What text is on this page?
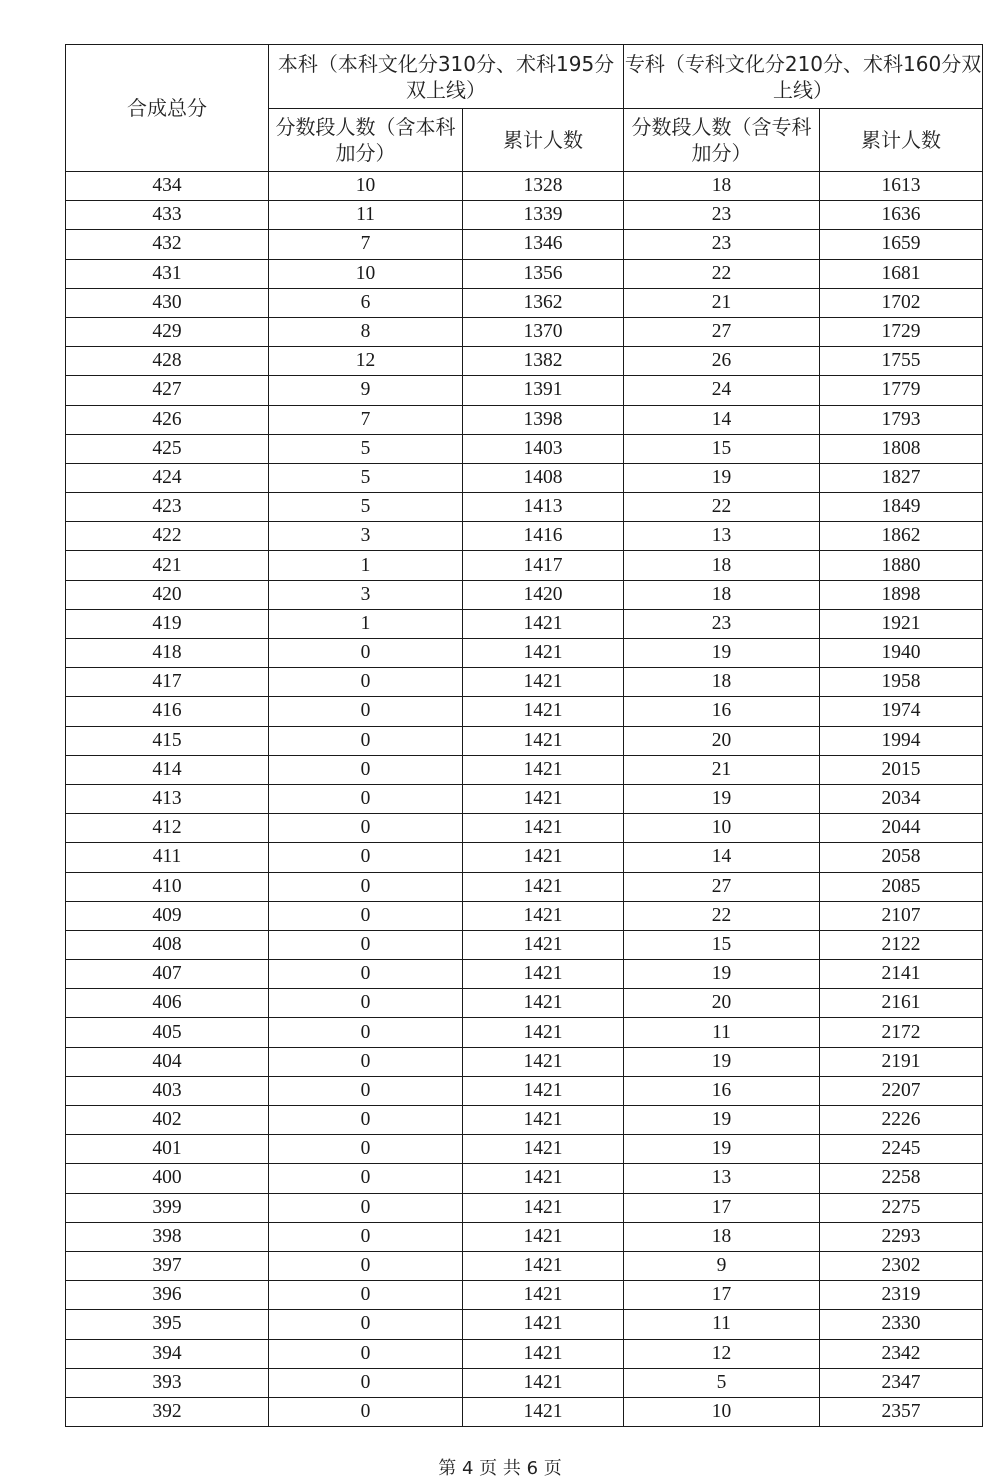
合成总分	本科（本科文化分310分、术科195分双上线）		专科（专科文化分210分、术科160分双上线）	

	分数段人数（含本科加分）	累计人数	分数段人数（含专科加分）	累计人数
434	10	1328	18	1613
433	11	1339	23	1636
432	7	1346	23	1659
431	10	1356	22	1681
430	6	1362	21	1702
429	8	1370	27	1729
428	12	1382	26	1755
427	9	1391	24	1779
426	7	1398	14	1793
425	5	1403	15	1808
424	5	1408	19	1827
423	5	1413	22	1849
422	3	1416	13	1862
421	1	1417	18	1880
420	3	1420	18	1898
419	1	1421	23	1921
418	0	1421	19	1940
417	0	1421	18	1958
416	0	1421	16	1974
415	0	1421	20	1994
414	0	1421	21	2015
413	0	1421	19	2034
412	0	1421	10	2044
411	0	1421	14	2058
410	0	1421	27	2085
409	0	1421	22	2107
408	0	1421	15	2122
407	0	1421	19	2141
406	0	1421	20	2161
405	0	1421	11	2172
404	0	1421	19	2191
403	0	1421	16	2207
402	0	1421	19	2226
401	0	1421	19	2245
400	0	1421	13	2258
399	0	1421	17	2275
398	0	1421	18	2293
397	0	1421	9	2302
396	0	1421	17	2319
395	0	1421	11	2330
394	0	1421	12	2342
393	0	1421	5	2347
392	0	1421	10	2357
第 4 页 共 6 页
